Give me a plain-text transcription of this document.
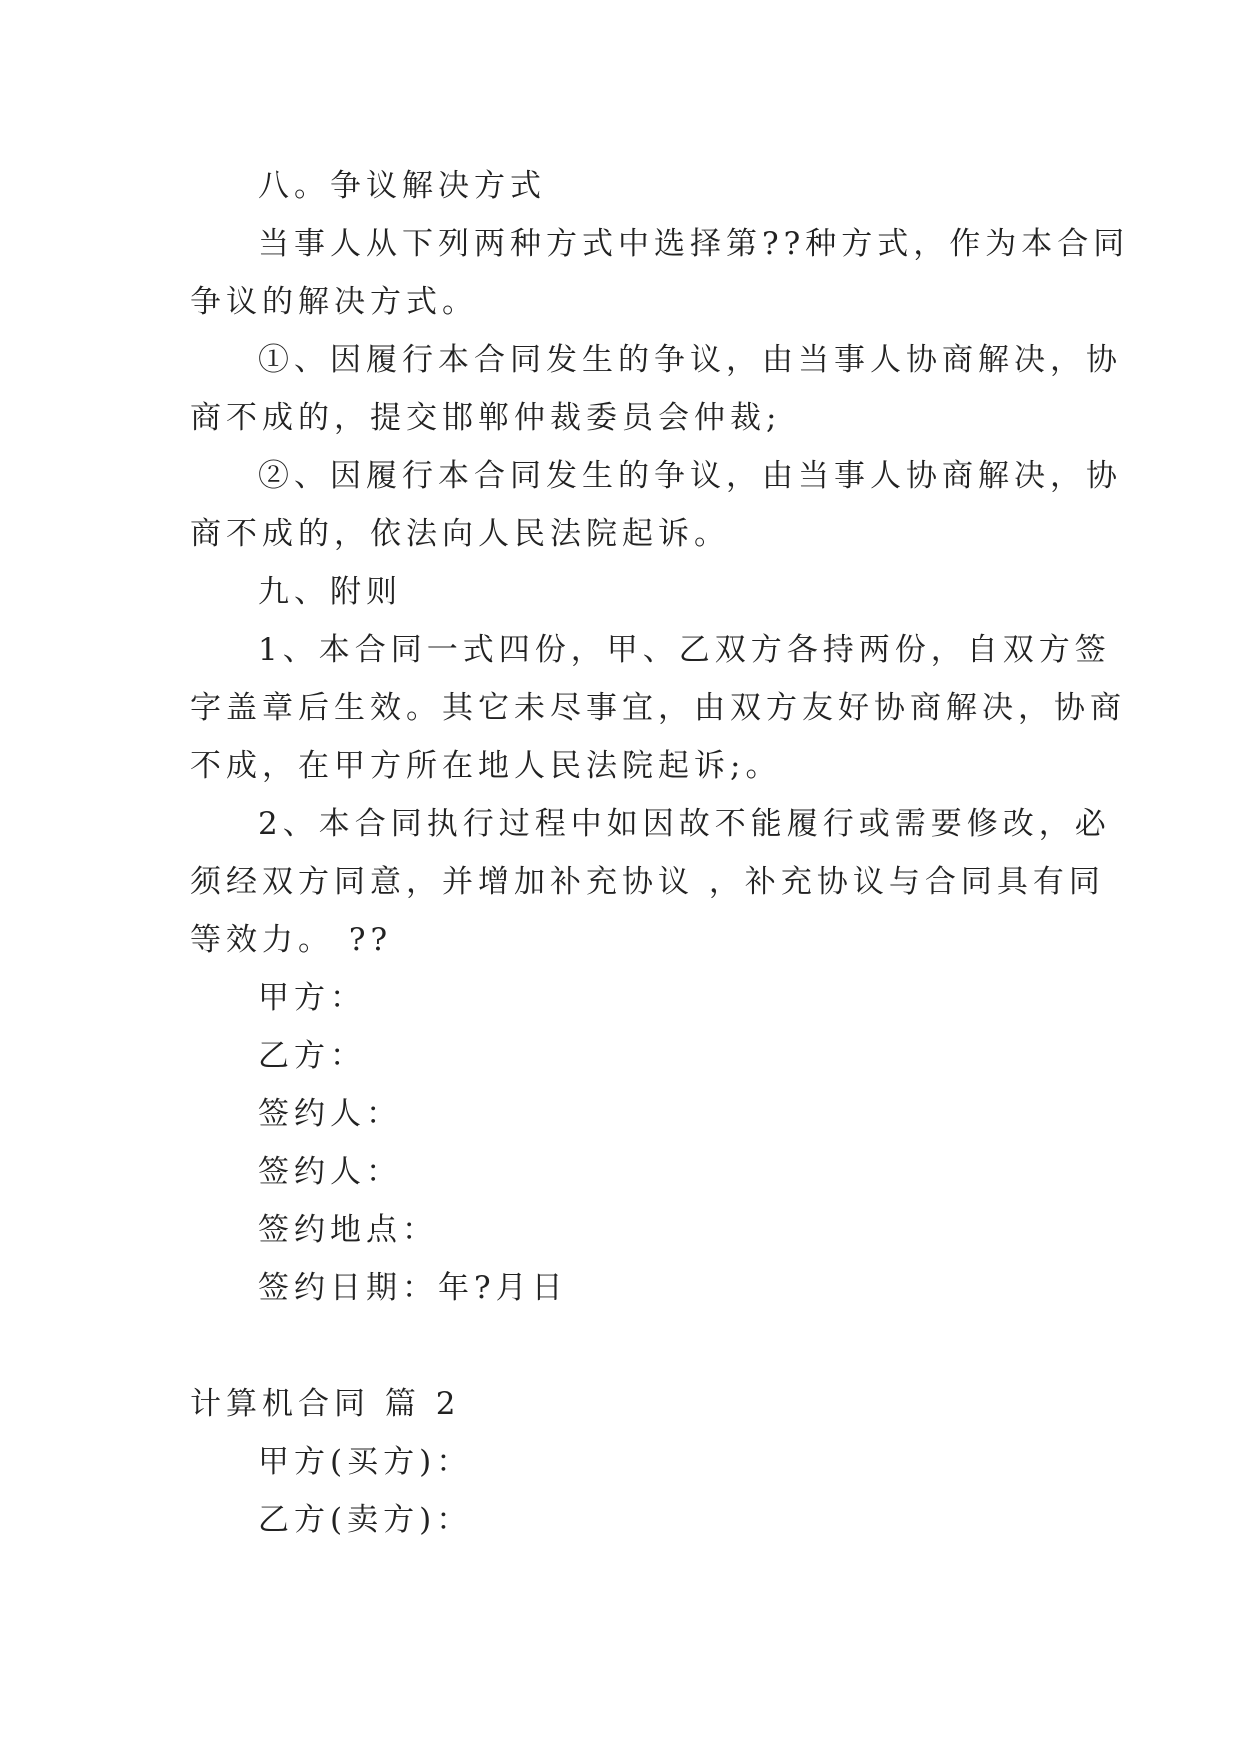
八。争议解决方式
当事人从下列两种方式中选择第??种方式，作为本合同
争议的解决方式。
①、因履行本合同发生的争议，由当事人协商解决，协
商不成的，提交邯郸仲裁委员会仲裁;
②、因履行本合同发生的争议，由当事人协商解决，协
商不成的，依法向人民法院起诉。
九、附则
1、本合同一式四份，甲、乙双方各持两份，自双方签
字盖章后生效。其它未尽事宜，由双方友好协商解决，协商
不成，在甲方所在地人民法院起诉;。
2、本合同执行过程中如因故不能履行或需要修改，必
须经双方同意，并增加补充协议 ，补充协议与合同具有同
等效力。 ??
甲方：
乙方：
签约人：
签约人：
签约地点：
签约日期：年?月日
计算机合同 篇 2
甲方(买方)：
乙方(卖方)：
